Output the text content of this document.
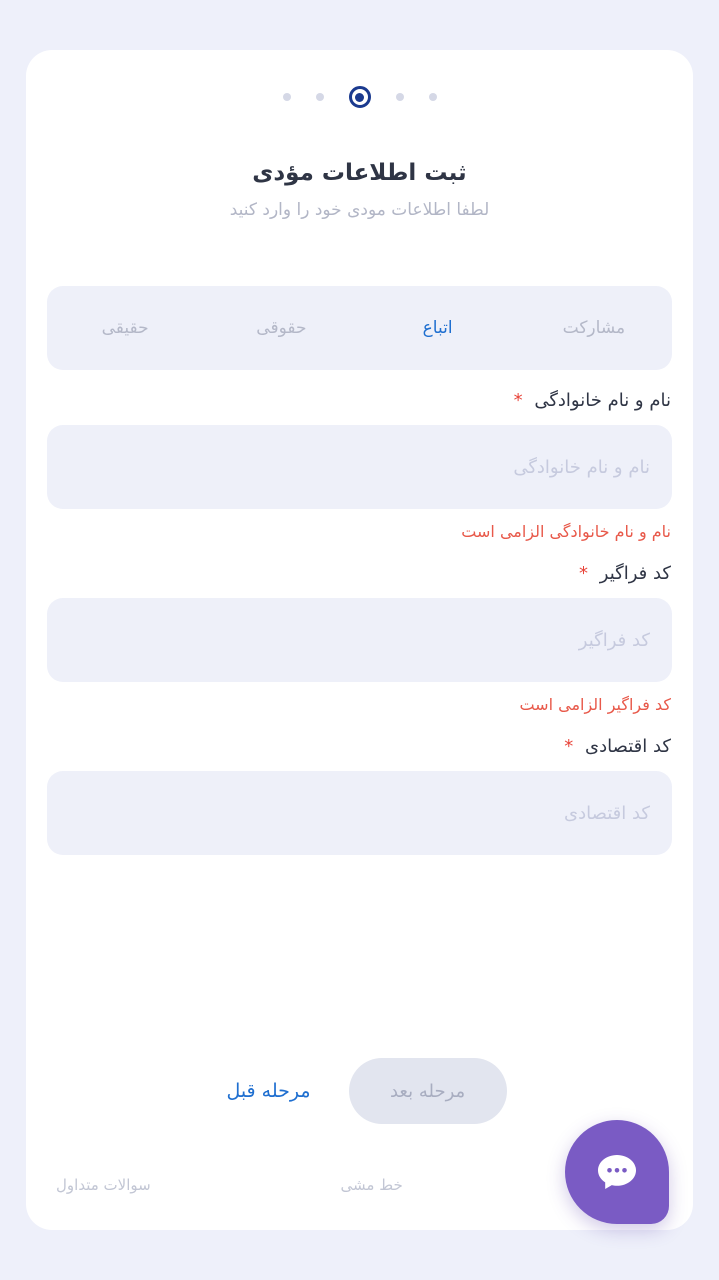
ثبت اطلاعات مؤدی
لطفا اطلاعات مودی خود را وارد کنید
مشارکت
اتباع
حقوقی
حقیقی
نام و نام خانوادگی *
نام و نام خانوادگی
نام و نام خانوادگی الزامی است
کد فراگیر *
کد فراگیر
کد فراگیر الزامی است
کد اقتصادی *
کد اقتصادی
مرحله بعد
مرحله قبل
سوالات متداول	خط مشی
